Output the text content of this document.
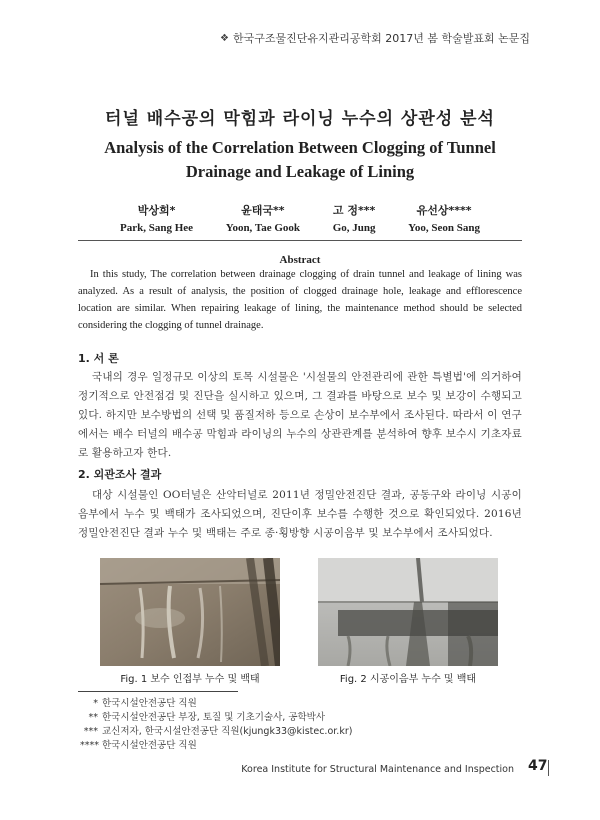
❖ 한국구조물진단유지관리공학회 2017년 봄 학술발표회 논문집
터널 배수공의 막힘과 라이닝 누수의 상관성 분석
Analysis of the Correlation Between Clogging of Tunnel
Drainage and Leakage of Lining
박상희*
Park, Sang Hee
윤태국**
Yoon, Tae Gook
고 정***
Go, Jung
유선상****
Yoo, Seon Sang
Abstract
In this study, The correlation between drainage clogging of drain tunnel and leakage of lining was analyzed. As a result of analysis, the position of clogged drainage hole, leakage and efflorescence location are similar. When repairing leakage of lining, the maintenance method should be selected considering the clogging of tunnel drainage.
1. 서 론
국내의 경우 일정규모 이상의 토목 시설물은 '시설물의 안전관리에 관한 특별법'에 의거하여 정기적으로 안전점검 및 진단을 실시하고 있으며, 그 결과를 바탕으로 보수 및 보강이 수행되고 있다. 하지만 보수방법의 선택 및 품질저하 등으로 손상이 보수부에서 조사된다. 따라서 이 연구에서는 배수 터널의 배수공 막힘과 라이닝의 누수의 상관관계를 분석하여 향후 보수시 기초자료로 활용하고자 한다.
2. 외관조사 결과
대상 시설물인 OO터널은 산악터널로 2011년 정밀안전진단 결과, 공동구와 라이닝 시공이음부에서 누수 및 백태가 조사되었으며, 진단이후 보수를 수행한 것으로 확인되었다. 2016년 정밀안전진단 결과 누수 및 백태는 주로 종·횡방향 시공이음부 및 보수부에서 조사되었다.
Fig. 1 보수 인접부 누수 및 백태	Fig. 2 시공이음부 누수 및 백태
* 한국시설안전공단 직원
** 한국시설안전공단 부장, 토질 및 기초기술사, 공학박사
*** 교신저자, 한국시설안전공단 직원(kjungk33@kistec.or.kr)
**** 한국시설안전공단 직원
Korea Institute for Structural Maintenance and Inspection 47
